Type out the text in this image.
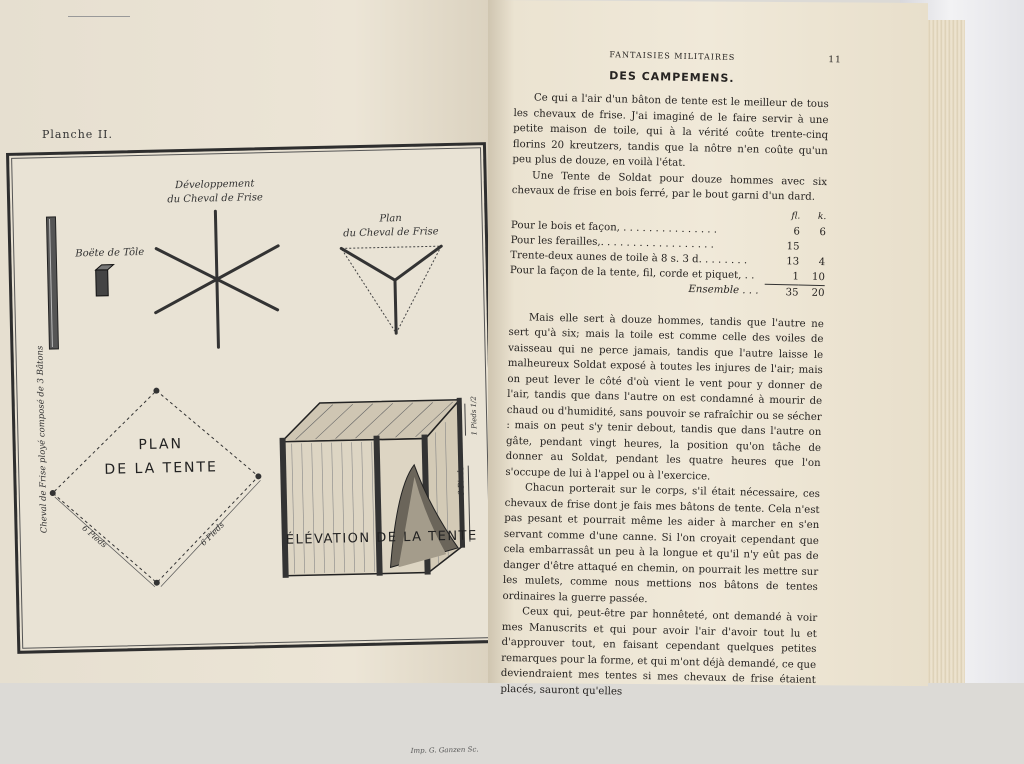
Planche II.
Cheval de Frise ployé composé de 3 Bâtons
Boëte de Tôle
Développement
du Cheval de Frise
Plan
du Cheval de Frise
PLAN
DE LA TENTE
ÉLÉVATION DE LA TENTE
6 Pieds	6 Pieds
6 Pieds
1 Pieds 1/2
Imp. G. Ganzen Sc.
FANTAISIES MILITAIRES	11
DES CAMPEMENS.

Ce qui a l'air d'un bâton de tente est le meilleur de tous les chevaux de frise. J'ai imaginé de le faire servir à une petite maison de toile, qui à la vérité coûte trente-cinq florins 20 kreutzers, tandis que la nôtre n'en coûte qu'un peu plus de douze, en voilà l'état.

Une Tente de Soldat pour douze hommes avec six chevaux de frise en bois ferré, par le bout garni d'un dard.

fl.	k.
Pour le bois et façon, . . . . . . . . . . . . . . .	6	6
Pour les ferailles,. . . . . . . . . . . . . . . . . .	15
Trente-deux aunes de toile à 8 s. 3 d. . . . . . . .	13	4
Pour la façon de la tente, fil, corde et piquet, . .	1	10
Ensemble . . .	35	20

Mais elle sert à douze hommes, tandis que l'autre ne sert qu'à six; mais la toile est comme celle des voiles de vaisseau qui ne perce jamais, tandis que l'autre laisse le malheureux Soldat exposé à toutes les injures de l'air; mais on peut lever le côté d'où vient le vent pour y donner de l'air, tandis que dans l'autre on est condamné à mourir de chaud ou d'humidité, sans pouvoir se rafraîchir ou se sécher : mais on peut s'y tenir debout, tandis que dans l'autre on gâte, pendant vingt heures, la position qu'on tâche de donner au Soldat, pendant les quatre heures que l'on s'occupe de lui à l'appel ou à l'exercice.

Chacun porterait sur le corps, s'il était nécessaire, ces chevaux de frise dont je fais mes bâtons de tente. Cela n'est pas pesant et pourrait même les aider à marcher en s'en servant comme d'une canne. Si l'on croyait cependant que cela embarrassât un peu à la longue et qu'il n'y eût pas de danger d'être attaqué en chemin, on pourrait les mettre sur les mulets, comme nous mettions nos bâtons de tentes ordinaires la guerre passée.

Ceux qui, peut-être par honnêteté, ont demandé à voir mes Manuscrits et qui pour avoir l'air d'avoir tout lu et d'approuver tout, en faisant cependant quelques petites remarques pour la forme, et qui m'ont déjà demandé, ce que deviendraient mes tentes si mes chevaux de frise étaient placés, sauront qu'elles
